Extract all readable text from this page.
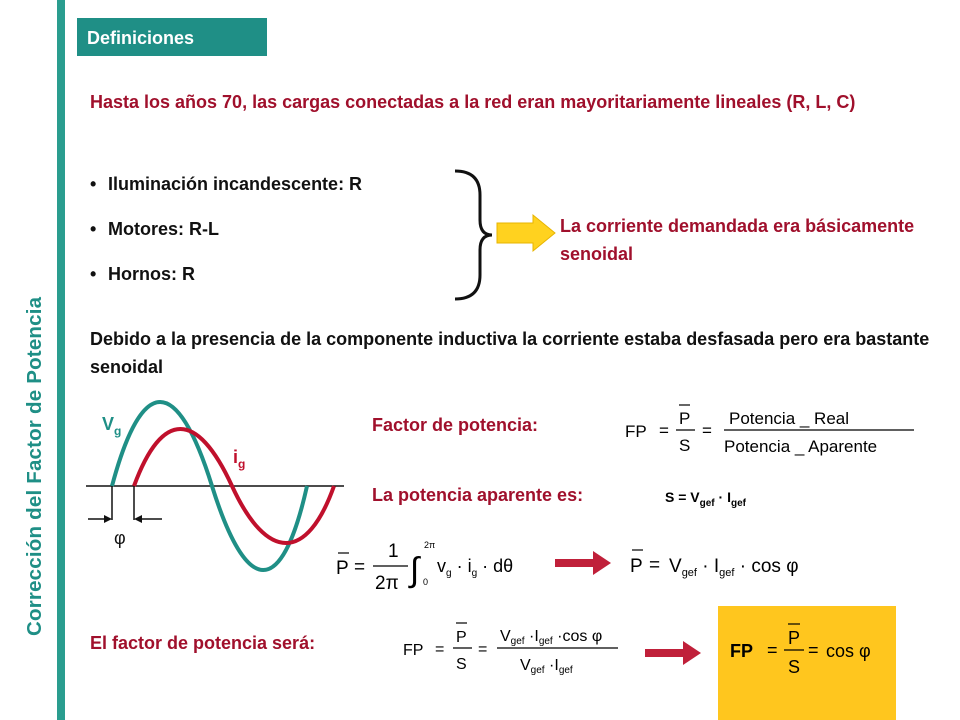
Corrección del Factor de Potencia
Definiciones
Hasta los años 70, las cargas conectadas a la red eran mayoritariamente lineales (R, L, C)
• Iluminación incandescente: R
• Motores: R-L
• Hornos: R
La corriente demandada era básicamente senoidal
Debido a la presencia de la componente inductiva la corriente estaba desfasada pero era bastante senoidal
$V_g$
$i_g$
φ
Factor de potencia:	FP =
P
S
=
Potencia _ Real
Potencia _ Aparente
La potencia aparente es:	$S = V_{gef} \cdot I_{gef}$
P =
1
2π ∫
2π
0
$v_g \cdot i_g \cdot d\theta$	$P = V_{gef} \cdot I_{gef} \cdot \cos \varphi$
El factor de potencia será:	FP =
P
S
=
Vgef ·Igef ·cos φ
Vgef ·Igef
FP =
P
S
= cos φ
